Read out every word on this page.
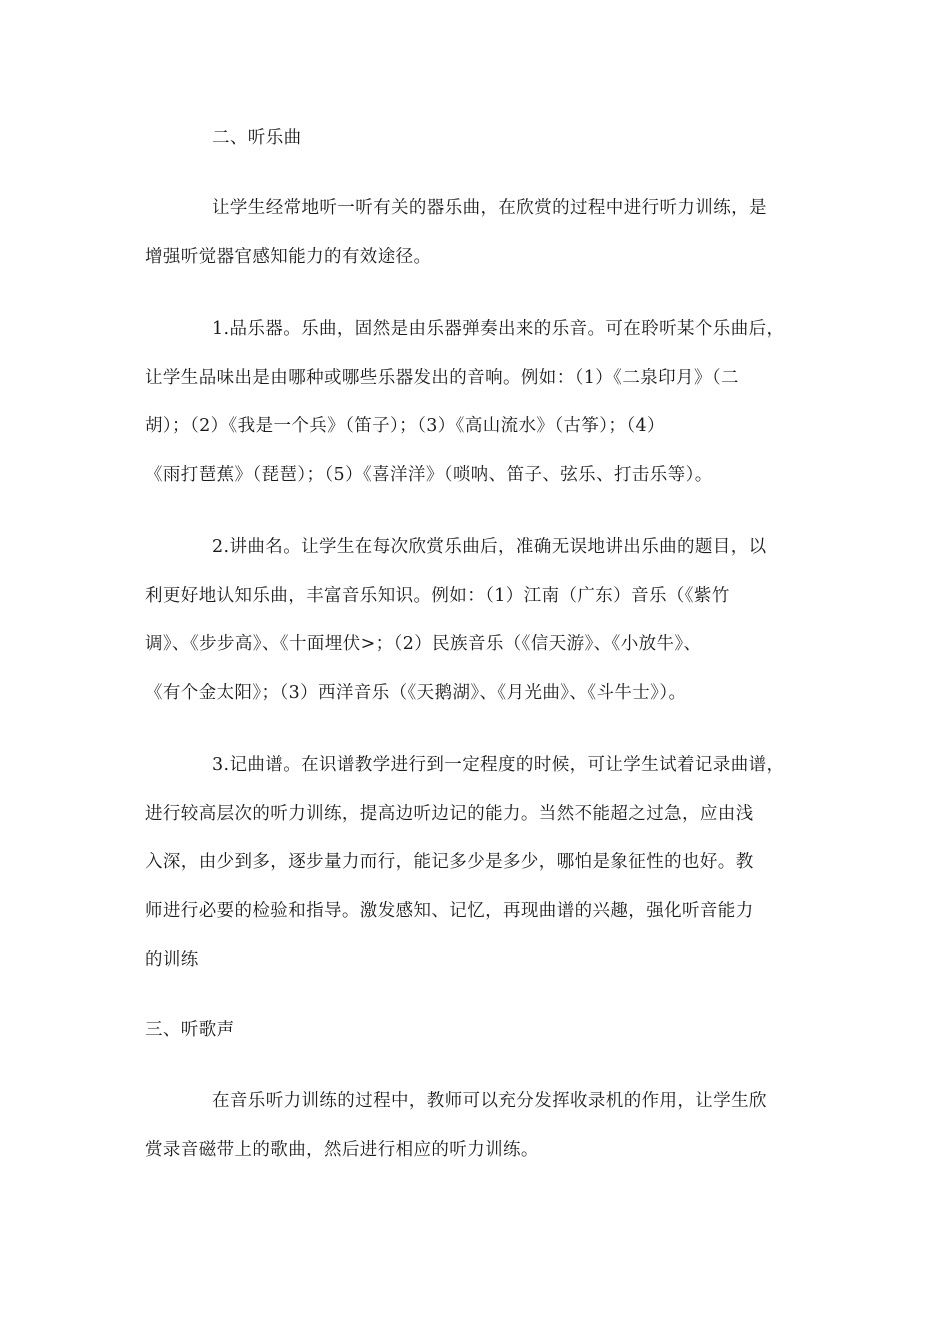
二、听乐曲
让学生经常地听一听有关的器乐曲，在欣赏的过程中进行听力训练，是
增强听觉器官感知能力的有效途径。
1.品乐器。乐曲，固然是由乐器弹奏出来的乐音。可在聆听某个乐曲后，
让学生品味出是由哪种或哪些乐器发出的音响。例如：（1）《二泉印月》（二
胡）；（2）《我是一个兵》（笛子）；（3）《高山流水》（古筝）；（4）
《雨打琶蕉》（琵琶）；（5）《喜洋洋》（唢呐、笛子、弦乐、打击乐等）。
2.讲曲名。让学生在每次欣赏乐曲后，准确无误地讲出乐曲的题目，以
利更好地认知乐曲，丰富音乐知识。例如：（1）江南（广东）音乐（《紫竹
调》、《步步高》、《十面埋伏>；（2）民族音乐（《信天游》、《小放牛》、
《有个金太阳》；（3）西洋音乐（《天鹅湖》、《月光曲》、《斗牛士》）。
3.记曲谱。在识谱教学进行到一定程度的时候，可让学生试着记录曲谱，
进行较高层次的听力训练，提高边听边记的能力。当然不能超之过急，应由浅
入深，由少到多，逐步量力而行，能记多少是多少，哪怕是象征性的也好。教
师进行必要的检验和指导。激发感知、记忆，再现曲谱的兴趣，强化听音能力
的训练
三、听歌声
在音乐听力训练的过程中，教师可以充分发挥收录机的作用，让学生欣
赏录音磁带上的歌曲，然后进行相应的听力训练。
